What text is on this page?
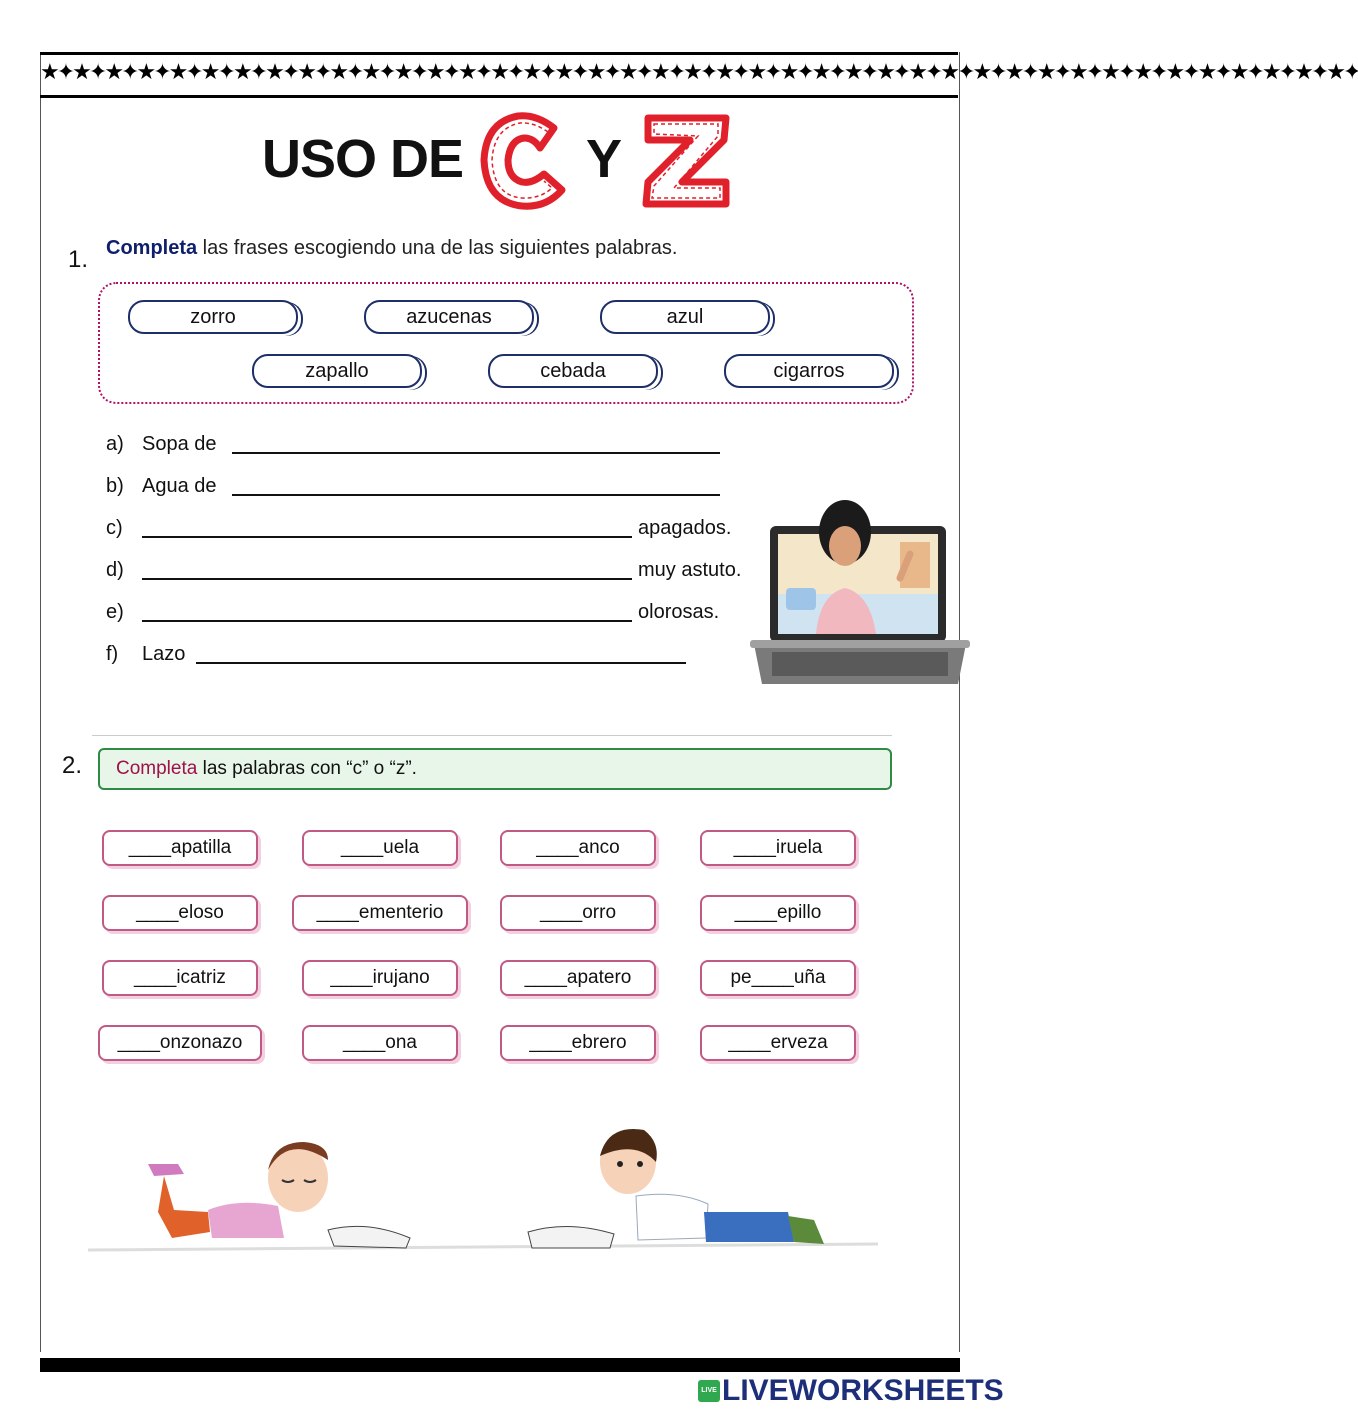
★✦★✦★✦★✦★✦★✦★✦★✦★✦★✦★✦★✦★✦★✦★✦★✦★✦★✦★✦★✦★✦★✦★✦★✦★✦★✦★✦★✦★✦★✦★✦★✦★✦★✦★✦★✦★✦★✦★✦★✦★✦
USO DE Y
1. Completa las frases escogiendo una de las siguientes palabras.
zorro	azucenas	azul
zapallo	cebada	cigarros
a) Sopa de
b) Agua de
c)	apagados.
d)	muy astuto.
e)	olorosas.
f) Lazo
2.	Completa las palabras con “c” o “z”.
____apatilla	____uela	____anco	____iruela
____eloso	____ementerio	____orro	____epillo
____icatriz	____irujano	____apatero	pe____uña
____onzonazo	____ona	____ebrero	____erveza
LIVE LIVEWORKSHEETS
